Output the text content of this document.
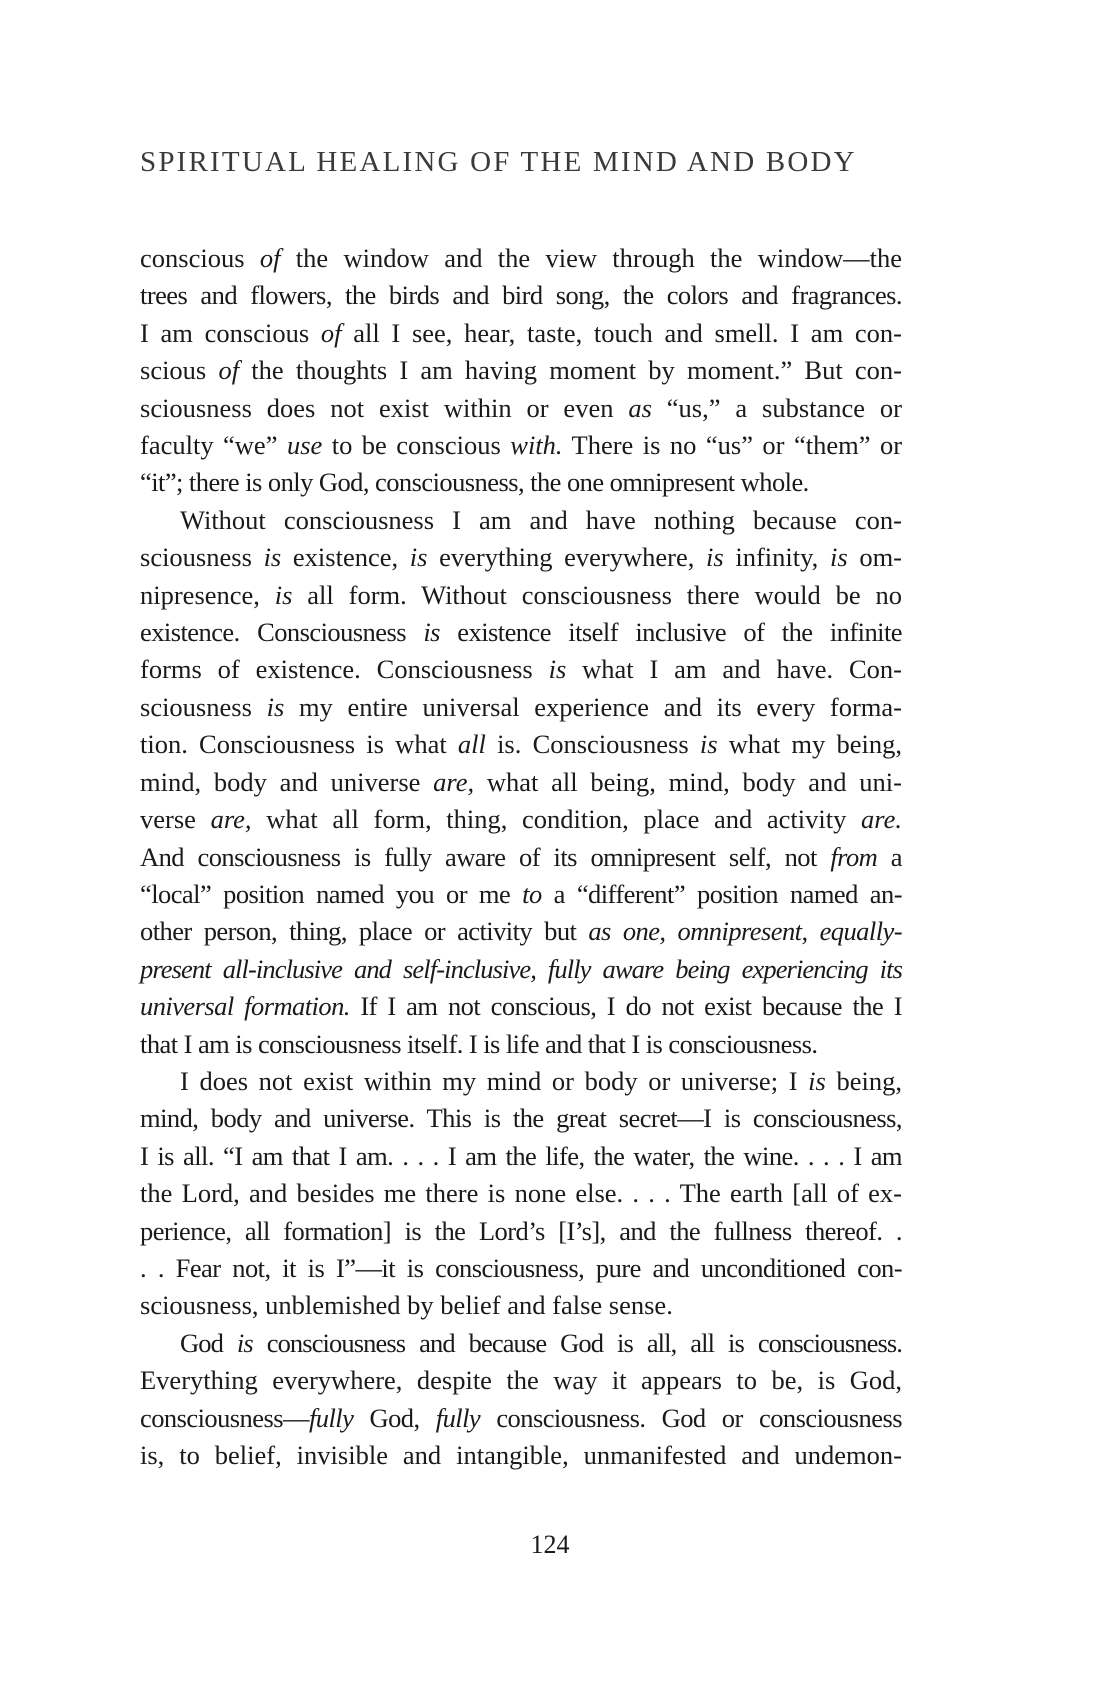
SPIRITUAL HEALING OF THE MIND AND BODY
conscious of the window and the view through the window—the
trees and flowers, the birds and bird song, the colors and fragrances.
I am conscious of all I see, hear, taste, touch and smell. I am con-
scious of the thoughts I am having moment by moment.” But con-
sciousness does not exist within or even as “us,” a substance or
faculty “we” use to be conscious with. There is no “us” or “them” or
“it”; there is only God, consciousness, the one omnipresent whole.
Without consciousness I am and have nothing because con-
sciousness is existence, is everything everywhere, is infinity, is om-
nipresence, is all form. Without consciousness there would be no
existence. Consciousness is existence itself inclusive of the infinite
forms of existence. Consciousness is what I am and have. Con-
sciousness is my entire universal experience and its every forma-
tion. Consciousness is what all is. Consciousness is what my being,
mind, body and universe are, what all being, mind, body and uni-
verse are, what all form, thing, condition, place and activity are.
And consciousness is fully aware of its omnipresent self, not from a
“local” position named you or me to a “different” position named an-
other person, thing, place or activity but as one, omnipresent, equally-
present all-inclusive and self-inclusive, fully aware being experiencing its
universal formation. If I am not conscious, I do not exist because the I
that I am is consciousness itself. I is life and that I is consciousness.
I does not exist within my mind or body or universe; I is being,
mind, body and universe. This is the great secret—I is consciousness,
I is all. “I am that I am. . . . I am the life, the water, the wine. . . . I am
the Lord, and besides me there is none else. . . . The earth [all of ex-
perience, all formation] is the Lord’s [I’s], and the fullness thereof. .
. . Fear not, it is I”—it is consciousness, pure and unconditioned con-
sciousness, unblemished by belief and false sense.
God is consciousness and because God is all, all is consciousness.
Everything everywhere, despite the way it appears to be, is God,
consciousness—fully God, fully consciousness. God or consciousness
is, to belief, invisible and intangible, unmanifested and undemon-
124
